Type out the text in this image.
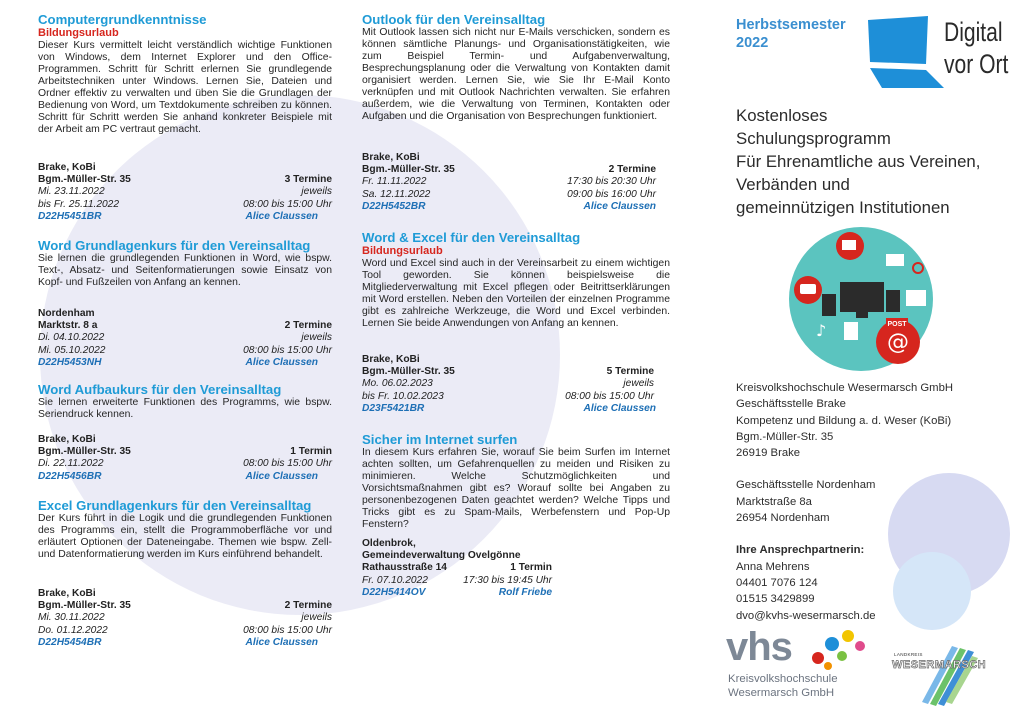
Computergrundkenntnisse
Bildungsurlaub
Dieser Kurs vermittelt leicht verständlich wichtige Funktionen von Windows, dem Internet Explorer und den Office-Programmen. Schritt für Schritt erlernen Sie grundlegende Arbeitstechniken unter Windows. Lernen Sie, Dateien und Ordner effektiv zu verwalten und üben Sie die Grundlagen der Bedienung von Word, um Textdokumente schreiben zu können. Schritt für Schritt werden Sie anhand konkreter Beispiele mit der Arbeit am PC vertraut gemacht.
Brake, KoBi
Bgm.-Müller-Str. 35	3 Termine
Mi. 23.11.2022	jeweils
bis Fr. 25.11.2022	08:00 bis 15:00 Uhr
D22H5451BR	Alice Claussen
Word Grundlagenkurs für den Vereinsalltag
Sie lernen die grundlegenden Funktionen in Word, wie bspw. Text-, Absatz- und Seitenformatierungen sowie Einsatz von Kopf- und Fußzeilen von Anfang an kennen.
Nordenham
Marktstr. 8 a	2 Termine
Di. 04.10.2022	jeweils
Mi. 05.10.2022	08:00 bis 15:00 Uhr
D22H5453NH	Alice Claussen
Word Aufbaukurs für den Vereinsalltag
Sie lernen erweiterte Funktionen des Programms, wie bspw. Seriendruck kennen.
Brake, KoBi
Bgm.-Müller-Str. 35	1 Termin
Di. 22.11.2022	08:00 bis 15:00 Uhr
D22H5456BR	Alice Claussen
Excel Grundlagenkurs für den Vereinsalltag
Der Kurs führt in die Logik und die grundlegenden Funktionen des Programms ein, stellt die Programmoberfläche vor und erläutert Optionen der Dateneingabe. Themen wie bspw. Zell- und Datenformatierung werden im Kurs einführend behandelt.
Brake, KoBi
Bgm.-Müller-Str. 35	2 Termine
Mi. 30.11.2022	jeweils
Do. 01.12.2022	08:00 bis 15:00 Uhr
D22H5454BR	Alice Claussen
Outlook für den Vereinsalltag
Mit Outlook lassen sich nicht nur E-Mails verschicken, sondern es können sämtliche Planungs- und Organisationstätigkeiten, wie zum Beispiel Termin- und Aufgabenverwaltung, Besprechungsplanung oder die Verwaltung von Kontakten damit organisiert werden. Lernen Sie, wie Sie Ihr E-Mail Konto verknüpfen und mit Outlook Nachrichten verwalten. Sie erfahren außerdem, wie die Verwaltung von Terminen, Kontakten oder Aufgaben und die Organisation von Besprechungen funktioniert.
Brake, KoBi
Bgm.-Müller-Str. 35	2 Termine
Fr. 11.11.2022	17:30 bis 20:30 Uhr
Sa. 12.11.2022	09:00 bis 16:00 Uhr
D22H5452BR	Alice Claussen
Word & Excel für den Vereinsalltag
Bildungsurlaub
Word und Excel sind auch in der Vereinsarbeit zu einem wichtigen Tool geworden. Sie können beispielsweise die Mitgliederverwaltung mit Excel pflegen oder Beitrittserklärungen mit Word erstellen. Neben den Vorteilen der einzelnen Programme gibt es zahlreiche Werkzeuge, die Word und Excel verbinden. Lernen Sie beide Anwendungen von Anfang an kennen.
Brake, KoBi
Bgm.-Müller-Str. 35	5 Termine
Mo. 06.02.2023	jeweils
bis Fr. 10.02.2023	08:00 bis 15:00 Uhr
D23F5421BR	Alice Claussen
Sicher im Internet surfen
In diesem Kurs erfahren Sie, worauf Sie beim Surfen im Internet achten sollten, um Gefahrenquellen zu meiden und Risiken zu minimieren. Welche Schutzmöglichkeiten und Vorsichtsmaßnahmen gibt es? Worauf sollte bei Angaben zu personenbezogenen Daten geachtet werden? Welche Tipps und Tricks gibt es zu Spam-Mails, Werbefenstern und Pop-Up Fenstern?
Oldenbrok,
Gemeindeverwaltung Ovelgönne
Rathausstraße 14	1 Termin
Fr. 07.10.2022	17:30 bis 19:45 Uhr
D22H5414OV	Rolf Friebe
Herbstsemester
2022	Digital
vor Ort
Kostenloses
Schulungsprogramm
Für Ehrenamtliche aus Vereinen,
Verbänden und
gemeinnützigen Institutionen
@
♪	POST
Kreisvolkshochschule Wesermarsch GmbH
Geschäftsstelle Brake
Kompetenz und Bildung a. d. Weser (KoBi)
Bgm.-Müller-Str. 35
26919 Brake
Geschäftsstelle Nordenham
Marktstraße 8a
26954 Nordenham
Ihre Ansprechpartnerin:
Anna Mehrens
04401 7076 124
01515 3429899
dvo@kvhs-wesermarsch.de
vhs
Kreisvolkshochschule
Wesermarsch GmbH
LANDKREIS
WESERMARSCH
